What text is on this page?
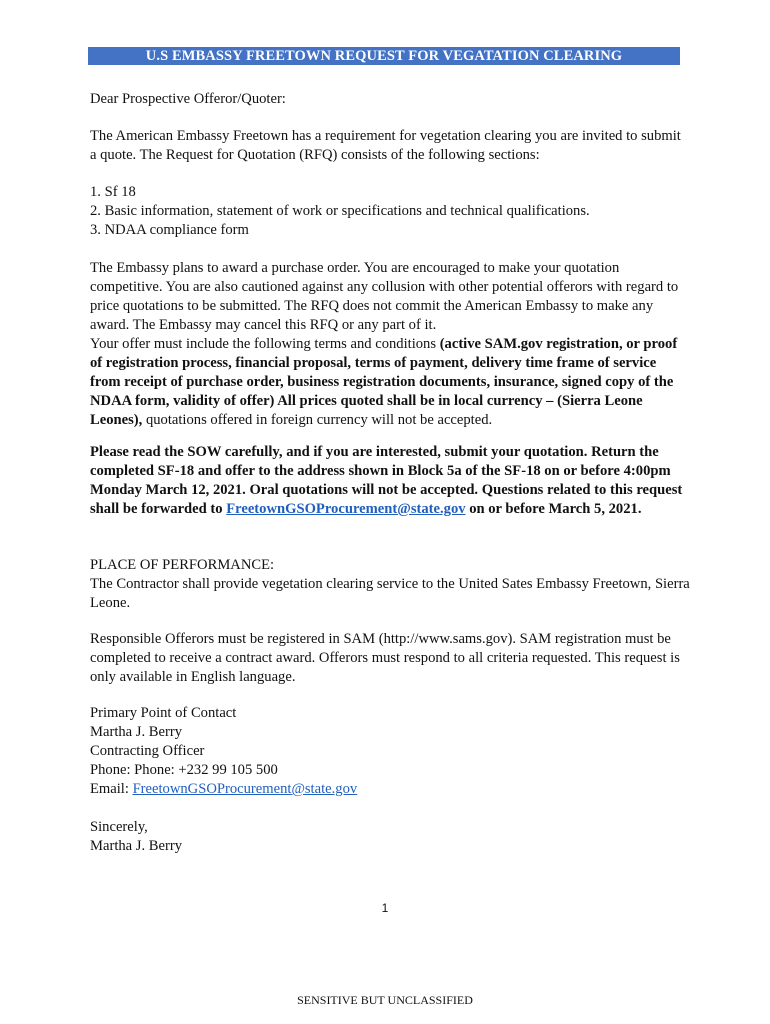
U.S EMBASSY FREETOWN REQUEST FOR VEGATATION CLEARING

Dear Prospective Offeror/Quoter:

The American Embassy Freetown has a requirement for vegetation clearing you are invited to submit a quote. The Request for Quotation (RFQ) consists of the following sections:

1. Sf 18

2. Basic information, statement of work or specifications and technical qualifications.

3. NDAA compliance form

The Embassy plans to award a purchase order. You are encouraged to make your quotation competitive. You are also cautioned against any collusion with other potential offerors with regard to price quotations to be submitted. The RFQ does not commit the American Embassy to make any award. The Embassy may cancel this RFQ or any part of it.
Your offer must include the following terms and conditions (active SAM.gov registration, or proof of registration process, financial proposal, terms of payment, delivery time frame of service from receipt of purchase order, business registration documents, insurance, signed copy of the NDAA form, validity of offer) All prices quoted shall be in local currency – (Sierra Leone Leones), quotations offered in foreign currency will not be accepted.

Please read the SOW carefully, and if you are interested, submit your quotation. Return the completed SF-18 and offer to the address shown in Block 5a of the SF-18 on or before 4:00pm Monday March 12, 2021. Oral quotations will not be accepted. Questions related to this request shall be forwarded to FreetownGSOProcurement@state.gov on or before March 5, 2021.

PLACE OF PERFORMANCE:

The Contractor shall provide vegetation clearing service to the United Sates Embassy Freetown, Sierra Leone.

Responsible Offerors must be registered in SAM (http://www.sams.gov). SAM registration must be completed to receive a contract award. Offerors must respond to all criteria requested. This request is only available in English language.

Primary Point of Contact

Martha J. Berry

Contracting Officer

Phone: Phone: +232 99 105 500

Email: FreetownGSOProcurement@state.gov

Sincerely,

Martha J. Berry

1
SENSITIVE BUT UNCLASSIFIED
